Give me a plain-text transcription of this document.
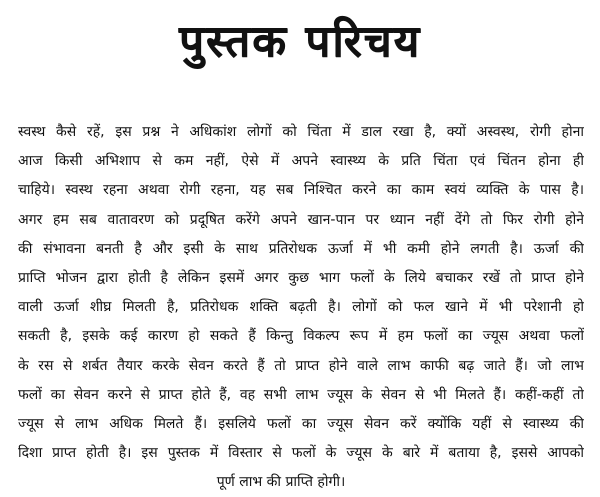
पुस्तक परिचय
स्वस्थ कैसे रहें, इस प्रश्न ने अधिकांश लोगों को चिंता में डाल रखा है, क्यों अस्वस्थ, रोगी होना
आज किसी अभिशाप से कम नहीं, ऐसे में अपने स्वास्थ्य के प्रति चिंता एवं चिंतन होना ही
चाहिये। स्वस्थ रहना अथवा रोगी रहना, यह सब निश्चित करने का काम स्वयं व्यक्ति के पास है।
अगर हम सब वातावरण को प्रदूषित करेंगे अपने खान-पान पर ध्यान नहीं देंगे तो फिर रोगी होने
की संभावना बनती है और इसी के साथ प्रतिरोधक ऊर्जा में भी कमी होने लगती है। ऊर्जा की
प्राप्ति भोजन द्वारा होती है लेकिन इसमें अगर कुछ भाग फलों के लिये बचाकर रखें तो प्राप्त होने
वाली ऊर्जा शीघ्र मिलती है, प्रतिरोधक शक्ति बढ़ती है। लोगों को फल खाने में भी परेशानी हो
सकती है, इसके कई कारण हो सकते हैं किन्तु विकल्प रूप में हम फलों का ज्यूस अथवा फलों
के रस से शर्बत तैयार करके सेवन करते हैं तो प्राप्त होने वाले लाभ काफी बढ़ जाते हैं। जो लाभ
फलों का सेवन करने से प्राप्त होते हैं, वह सभी लाभ ज्यूस के सेवन से भी मिलते हैं। कहीं-कहीं तो
ज्यूस से लाभ अधिक मिलते हैं। इसलिये फलों का ज्यूस सेवन करें क्योंकि यहीं से स्वास्थ्य की
दिशा प्राप्त होती है। इस पुस्तक में विस्तार से फलों के ज्यूस के बारे में बताया है, इससे आपको
पूर्ण लाभ की प्राप्ति होगी।
